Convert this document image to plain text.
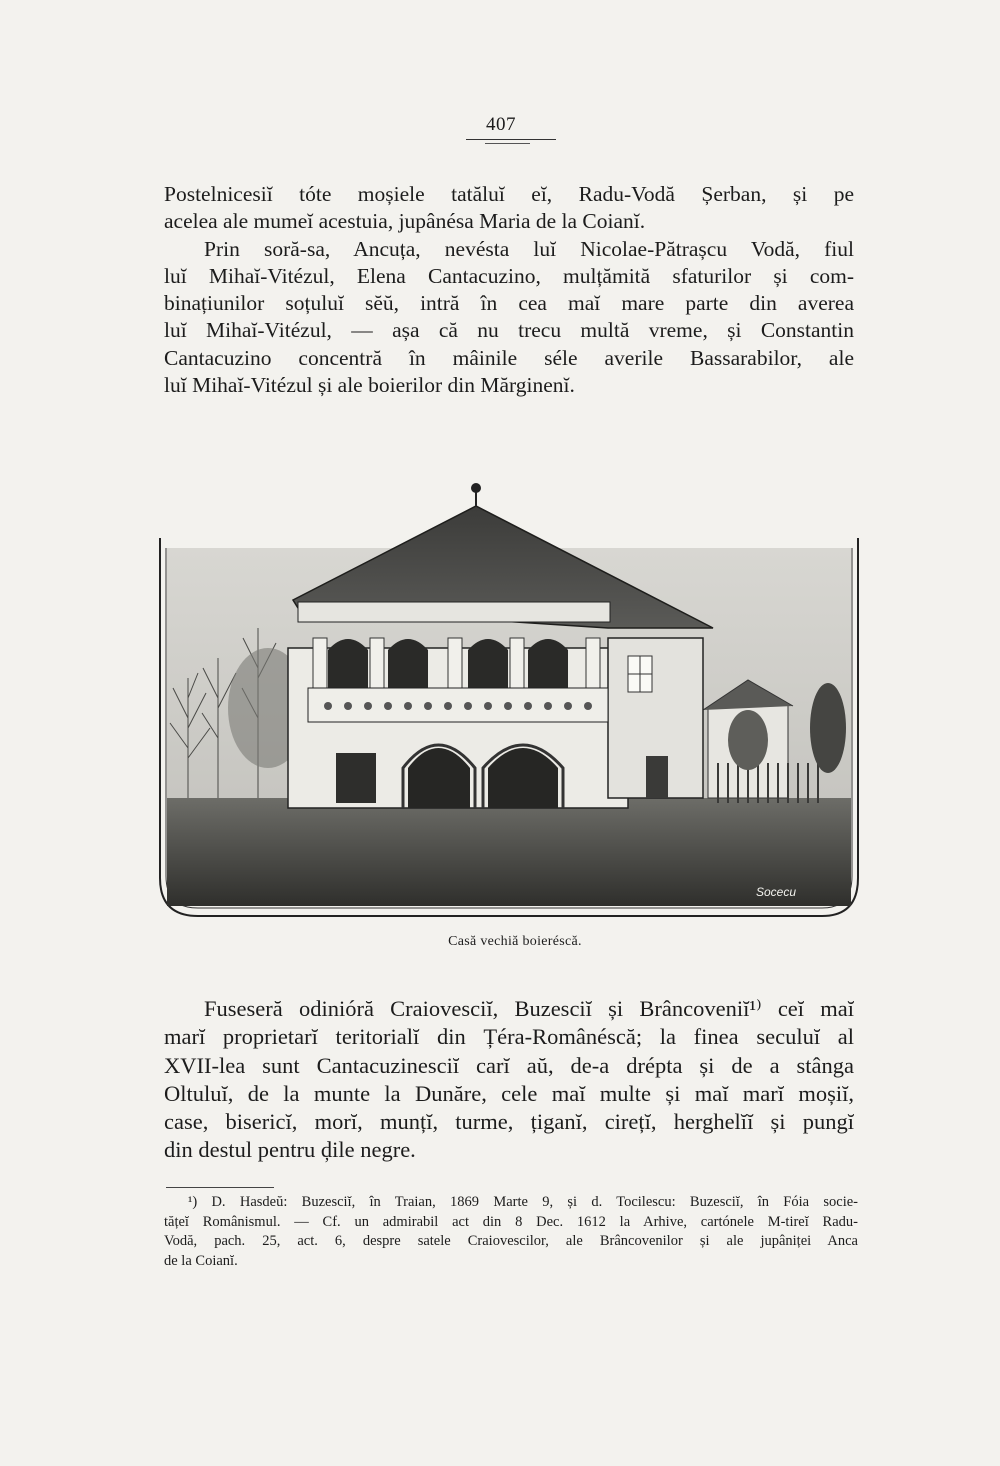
407
Postelnicesiĭ tóte moșiele tatăluĭ eĭ, Radu-Vodă Șerban, și pe
acelea ale mumeĭ acestuia, jupânésa Maria de la Coianĭ.
Prin soră-sa, Ancuța, nevésta luĭ Nicolae-Pătrașcu Vodă, fiul
luĭ Mihaĭ-Vitézul, Elena Cantacuzino, mulțămită sfaturilor și com-
binațiunilor soțuluĭ sĕŭ, intră în cea maĭ mare parte din averea
luĭ Mihaĭ-Vitézul, — așa că nu trecu multă vreme, și Constantin
Cantacuzino concentră în mâinile séle averile Bassarabilor, ale
luĭ Mihaĭ-Vitézul și ale boierilor din Mărginenĭ.
Socecu
Casă vechiă boieréscă.
Fuseseră odinióră Craiovesciĭ, Buzesciĭ și Brâncoveniĭ¹⁾ ceĭ maĭ
marĭ proprietarĭ teritorialĭ din Țéra-Românéscă; la finea seculuĭ al
XVII-lea sunt Cantacuzinesciĭ carĭ aŭ, de-a drépta și de a stânga
Oltuluĭ, de la munte la Dunăre, cele maĭ multe și maĭ marĭ moșiĭ,
case, bisericĭ, morĭ, munțĭ, turme, țiganĭ, cirețĭ, herghelĭĭ și pungĭ
din destul pentru ḑile negre.
¹) D. Hasdeŭ: Buzesciĭ, în Traian, 1869 Marte 9, și d. Tocilescu: Buzesciĭ, în Fóia socie-
tățeĭ Românismul. — Cf. un admirabil act din 8 Dec. 1612 la Arhive, cartónele M-tireĭ Radu-
Vodă, pach. 25, act. 6, despre satele Craiovescilor, ale Brâncovenilor și ale jupâniței Anca
de la Coianĭ.
